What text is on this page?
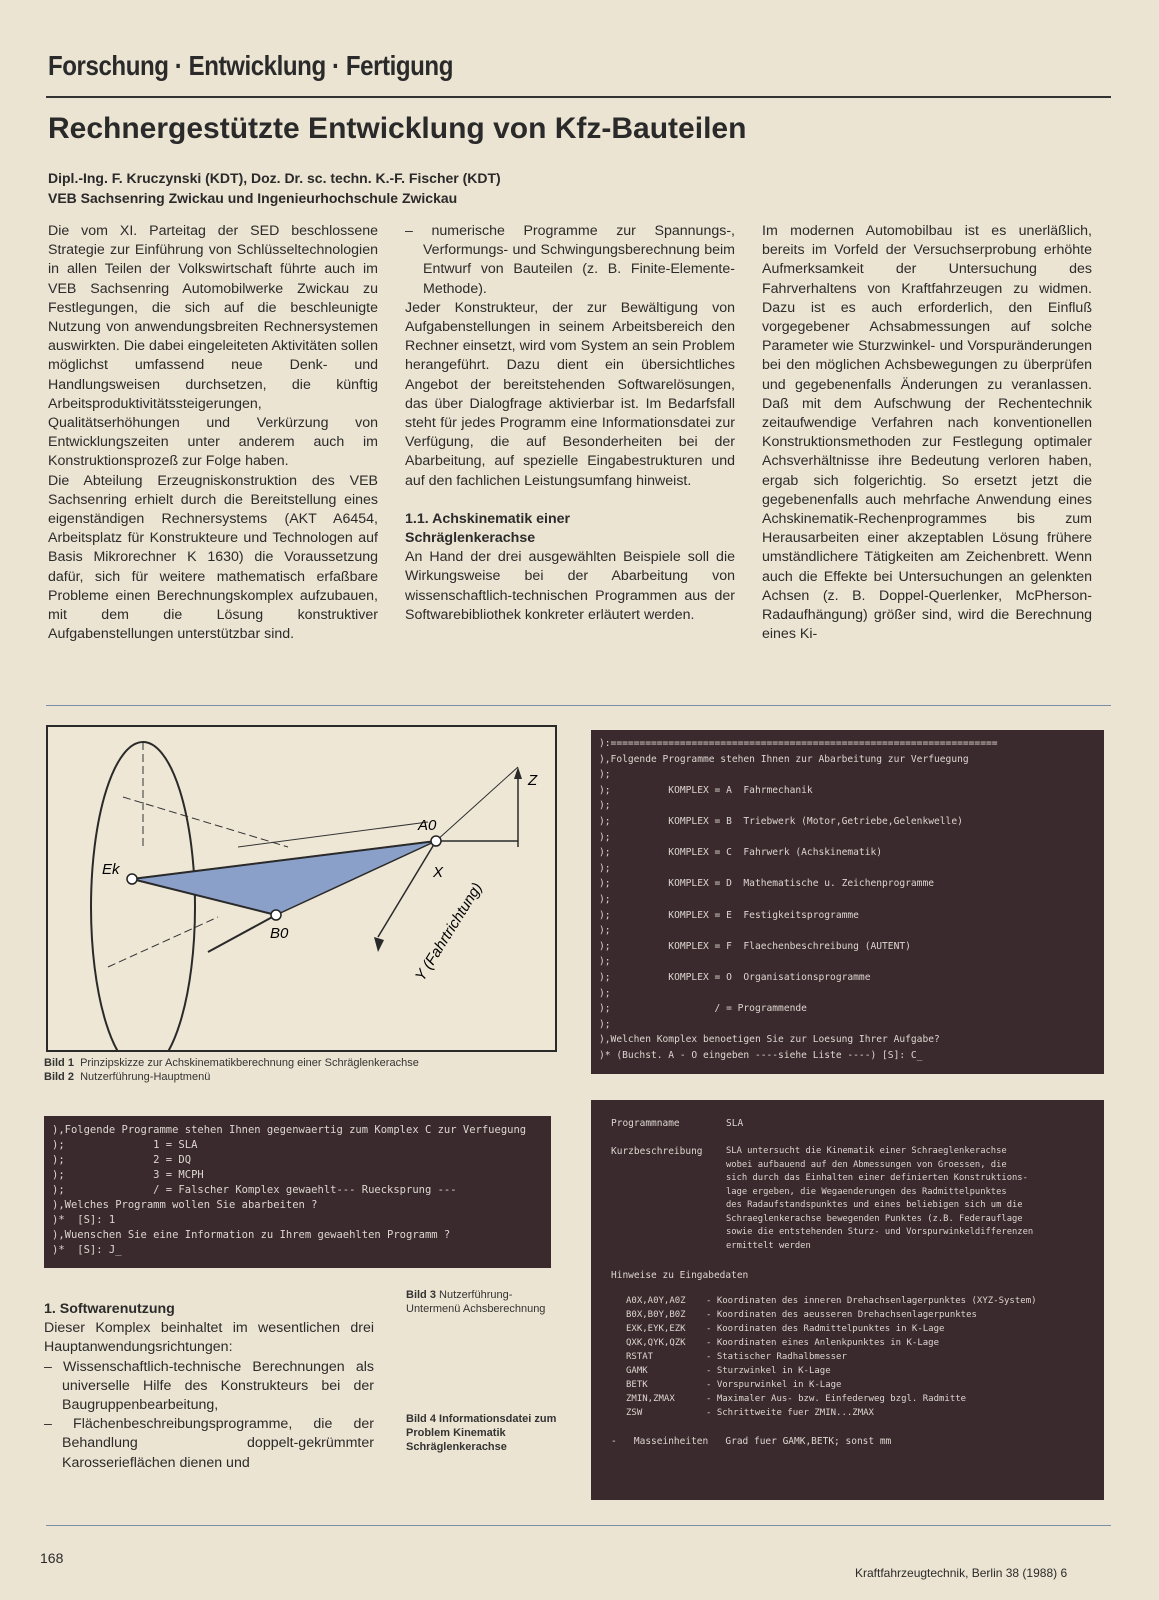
Forschung · Entwicklung · Fertigung
Rechnergestützte Entwicklung von Kfz-Bauteilen
Dipl.-Ing. F. Kruczynski (KDT), Doz. Dr. sc. techn. K.-F. Fischer (KDT)
VEB Sachsenring Zwickau und Ingenieurhochschule Zwickau

Die vom XI. Parteitag der SED beschlossene Strategie zur Einführung von Schlüsseltechnologien in allen Teilen der Volkswirtschaft führte auch im VEB Sachsenring Automobilwerke Zwickau zu Festlegungen, die sich auf die beschleunigte Nutzung von anwendungsbreiten Rechnersystemen auswirkten. Die dabei eingeleiteten Aktivitäten sollen möglichst umfassend neue Denk- und Handlungsweisen durchsetzen, die künftig Arbeitsproduktivitätssteigerungen, Qualitätserhöhungen und Verkürzung von Entwicklungszeiten unter anderem auch im Konstruktionsprozeß zur Folge haben.

Die Abteilung Erzeugniskonstruktion des VEB Sachsenring erhielt durch die Bereitstellung eines eigenständigen Rechnersystems (AKT A6454, Arbeitsplatz für Konstrukteure und Technologen auf Basis Mikrorechner K 1630) die Voraussetzung dafür, sich für weitere mathematisch erfaßbare Probleme einen Berechnungskomplex aufzubauen, mit dem die Lösung konstruktiver Aufgabenstellungen unterstützbar sind.

– numerische Programme zur Spannungs-, Verformungs- und Schwingungsberechnung beim Entwurf von Bauteilen (z. B. Finite-Elemente-Methode).

Jeder Konstrukteur, der zur Bewältigung von Aufgabenstellungen in seinem Arbeitsbereich den Rechner einsetzt, wird vom System an sein Problem herangeführt. Dazu dient ein übersichtliches Angebot der bereitstehenden Softwarelösungen, das über Dialogfrage aktivierbar ist. Im Bedarfsfall steht für jedes Programm eine Informationsdatei zur Verfügung, die auf Besonderheiten bei der Abarbeitung, auf spezielle Eingabestrukturen und auf den fachlichen Leistungsumfang hinweist.

1.1. Achskinematik einer Schräglenkerachse

An Hand der drei ausgewählten Beispiele soll die Wirkungsweise bei der Abarbeitung von wissenschaftlich-technischen Programmen aus der Softwarebibliothek konkreter erläutert werden.

Im modernen Automobilbau ist es unerläßlich, bereits im Vorfeld der Versuchserprobung erhöhte Aufmerksamkeit der Untersuchung des Fahrverhaltens von Kraftfahrzeugen zu widmen. Dazu ist es auch erforderlich, den Einfluß vorgegebener Achsabmessungen auf solche Parameter wie Sturzwinkel- und Vorspuränderungen bei den möglichen Achsbewegungen zu überprüfen und gegebenenfalls Änderungen zu veranlassen. Daß mit dem Aufschwung der Rechentechnik zeitaufwendige Verfahren nach konventionellen Konstruktionsmethoden zur Festlegung optimaler Achsverhältnisse ihre Bedeutung verloren haben, ergab sich folgerichtig. So ersetzt jetzt die gegebenenfalls auch mehrfache Anwendung eines Achskinematik-Rechenprogrammes bis zum Herausarbeiten einer akzeptablen Lösung frühere umständlichere Tätigkeiten am Zeichenbrett. Wenn auch die Effekte bei Untersuchungen an gelenkten Achsen (z. B. Doppel-Querlenker, McPherson-Radaufhängung) größer sind, wird die Berechnung eines Ki-

Ek
A0
B0
Z
X
Y (Fahrtrichtung)
Bild 1 Prinzipskizze zur Achskinematikberechnung einer Schräglenkerachse
Bild 2 Nutzerführung-Hauptmenü
):===================================================================
),Folgende Programme stehen Ihnen zur Abarbeitung zur Verfuegung
);
);          KOMPLEX = A  Fahrmechanik
);
);          KOMPLEX = B  Triebwerk (Motor,Getriebe,Gelenkwelle)
);
);          KOMPLEX = C  Fahrwerk (Achskinematik)
);
);          KOMPLEX = D  Mathematische u. Zeichenprogramme
);
);          KOMPLEX = E  Festigkeitsprogramme
);
);          KOMPLEX = F  Flaechenbeschreibung (AUTENT)
);
);          KOMPLEX = O  Organisationsprogramme
);
);                  / = Programmende
);
),Welchen Komplex benoetigen Sie zur Loesung Ihrer Aufgabe?
)* (Buchst. A - O eingeben ----siehe Liste ----) [S]: C_
),Folgende Programme stehen Ihnen gegenwaertig zum Komplex C zur Verfuegung
);              1 = SLA
);              2 = DQ
);              3 = MCPH
);              / = Falscher Komplex gewaehlt--- Ruecksprung ---
),Welches Programm wollen Sie abarbeiten ?
)*  [S]: 1
),Wuenschen Sie eine Information zu Ihrem gewaehlten Programm ?
)*  [S]: J_
Bild 3 Nutzerführung-Untermenü Achsberechnung
Bild 4 Informationsdatei zum Problem Kinematik Schräglenkerachse
Programmname	SLA
Kurzbeschreibung	SLA untersucht die Kinematik einer Schraeglenkerachse
wobei aufbauend auf den Abmessungen von Groessen, die
sich durch das Einhalten einer definierten Konstruktions-
lage ergeben, die Wegaenderungen des Radmittelpunktes
des Radaufstandspunktes und eines beliebigen sich um die
Schraeglenkerachse bewegenden Punktes (z.B. Federauflage
sowie die entstehenden Sturz- und Vorspurwinkeldifferenzen
ermittelt werden
Hinweise zu Eingabedaten
A0X,A0Y,A0Z - Koordinaten des inneren Drehachsenlagerpunktes (XYZ-System)
B0X,B0Y,B0Z - Koordinaten des aeusseren Drehachsenlagerpunktes
EXK,EYK,EZK - Koordinaten des Radmittelpunktes in K-Lage
QXK,QYK,QZK - Koordinaten eines Anlenkpunktes in K-Lage
RSTAT	- Statischer Radhalbmesser
GAMK	- Sturzwinkel in K-Lage
BETK	- Vorspurwinkel in K-Lage
ZMIN,ZMAX	- Maximaler Aus- bzw. Einfederweg bzgl. Radmitte
ZSW	- Schrittweite fuer ZMIN...ZMAX
-   Masseinheiten   Grad fuer GAMK,BETK; sonst mm

1. Softwarenutzung

Dieser Komplex beinhaltet im wesentlichen drei Hauptanwendungsrichtungen:

– Wissenschaftlich-technische Berechnungen als universelle Hilfe des Konstrukteurs bei der Baugruppenbearbeitung,

– Flächenbeschreibungsprogramme, die der Behandlung doppelt-gekrümmter Karosserieflächen dienen und

168
Kraftfahrzeugtechnik, Berlin 38 (1988) 6
